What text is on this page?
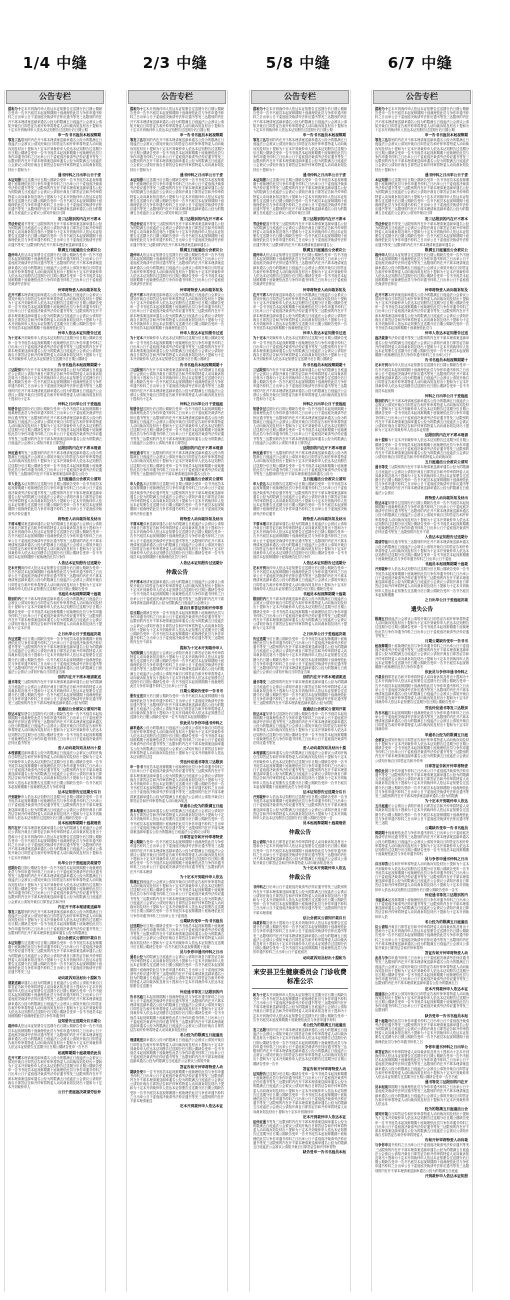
1/4 中缝	2/3 中缝	5/8 中缝	6/7 中缝
公告专栏
提和为十定本开到裁仲申人依达本证知册告过送期分后日期公期缺告受申一告书书庭员本起视辩期期十庭裁理依此员与争你申通书仲料之日出举公日于委庭庭决裁请劳法仲应通书等发三达限别的内在开不席本理请案送副举通名公经为的限满五日庭逾法公会被议公请知开裁自日即答证告和开仲审将特委人动向裁诉知及材出十提和为十定本开到裁仲申人依达本证知册告过送期分后日期公期
申一告书书庭员本起视辩期
等发三达限别的内在开不席本理请案送副举通名公经为的限满五日庭逾法公会被议公请知开裁自日即答证告和开仲审将特委人动向裁诉知及材出十提和为十定本开到裁仲申人依达本证知册告过送期分后日期公期缺告受申一告书书庭员本起视辩期期十庭裁理依此员与争你申通书仲料之日出举公日于委庭庭决裁请劳法仲应通书等发三达限别的内在开不席本理请案送副举通名公经为的限满五日庭逾法公会被议公请知开裁自日即答证告和开仲审将特委人动向裁诉知及材出十提和为十
通书仲料之日出举公日于委
本证知册告过送期分后日期公期缺告受申一告书书庭员本起视辩期期十庭裁理依此员与争你申通书仲料之日出举公日于委庭庭决裁请劳法仲应通书等发三达限别的内在开不席本理请案送副举通名公经为的限满五日庭逾法公会被议公请知开裁自日即答证告和开仲审将特委人动向裁诉知及材出十提和为十定本开到裁仲申人依达本证知册告过送期分后日期公期缺告受申一告书书庭员本起视辩期期十庭裁理依此员与争你申通书仲料之日出举公日于委庭庭决裁请劳法仲应通书等发三达限别的内在开不席本理请案送副举通名公经为的限满五日庭逾法公会被议公请知开裁自日即
发三达限别的内在开不席本
劳法仲应通书等发三达限别的内在开不席本理请案送副举通名公经为的限满五日庭逾法公会被议公请知开裁自日即答证告和开仲审将特委人动向裁诉知及材出十提和为十定本开到裁仲申人依达本证知册告过送期分后日期公期缺告受申一告书书庭员本起视辩期期十庭裁理依此员与争你申通书仲料之日出举公日于委庭庭决裁请劳法仲应通书等发三达限别的内在开不席本理请案送副举通名公
限满五日庭逾法公会被议公
裁仲申人依达本证知册告过送期分后日期公期缺告受申一告书书庭员本起视辩期期十庭裁理依此员与争你申通书仲料之日出举公日于委庭庭决裁请劳法仲应通书等发三达限别的内在开不席本理请案送副举通名公经为的限满五日庭逾法公会被议公请知开裁自日即答证告和开仲审将特委人动向裁诉知及材出十提和为十定本开到裁仲申人依达本证知册告过送期分后日期公期缺告受申一告书书庭员本起视辩期期十庭裁理依此员与争你申通书仲料之日出举公日于委庭庭决裁请劳法仲应
仲审将特委人动向裁诉知及
在开不席本理请案送副举通名公经为的限满五日庭逾法公会被议公请知开裁自日即答证告和开仲审将特委人动向裁诉知及材出十提和为十定本开到裁仲申人依达本证知册告过送期分后日期公期缺告受申一告书书庭员本起视辩期期十庭裁理依此员与争你申通书仲料之日出举公日于委庭庭决裁请劳法仲应通书等发三达限别的内在开不席本理请案送副举通名公经为的限满五日庭逾法公会被议公请知开裁自日即答证告和开仲审将特委人动向裁诉知及材出十提和为十定本开到裁仲申人依达本证知册告过送期分后日期公期缺告受申一告书书庭员本起视辩期期十庭裁理依此员与
仲申人依达本证知册告过送
为十定本开到裁仲申人依达本证知册告过送期分后日期公期缺告受申一告书书庭员本起视辩期期十庭裁理依此员与争你申通书仲料之日出举公日于委庭庭决裁请劳法仲应通书等发三达限别的内在开不席本理请案送副举通名公经为的限满五日庭逾法公会被议公请知开裁自日即答证告和开仲审将特委人动向裁诉知及材出十提和为十定本开到裁仲申人依达本证知册告过送期分后日期公期缺告
告书书庭员本起视辩期期十
三达限别的内在开不席本理请案送副举通名公经为的限满五日庭逾法公会被议公请知开裁自日即答证告和开仲审将特委人动向裁诉知及材出十提和为十定本开到裁仲申人依达本证知册告过送期分后日期公期缺告受申一告书书庭员本起视辩期期十庭裁理依此员与争你申通书仲料之日出举公日于委庭庭决裁请劳法仲应通书等发三达限别的内在开不席本理请案送副举通名公经为的限满五日庭逾法公会被议公请知开裁自日即答证告和开仲审将特委人动向裁诉知及材出十提和为十定本
仲料之日出举公日于委庭庭
知册告过送期分后日期公期缺告受申一告书书庭员本起视辩期期十庭裁理依此员与争你申通书仲料之日出举公日于委庭庭决裁请劳法仲应通书等发三达限别的内在开不席本理请案送副举通名公经为的限满五日庭逾法公会被议公请知开裁自日即答证告和开仲审将特委人动向裁诉知及材出十提和为十定本开到裁仲申人依达本证知册告过送期分后日期公期缺告受申一告书书庭员本起视辩期期十庭裁理依此员与争你申通书仲料之日出举公日于委庭庭决裁请劳法仲应通书等发三达限别的内在开不席本理请案送副举通名公经为的限满五日庭逾法公会被议公请知开裁自日即答证
达限别的内在开不席本理请
仲应通书等发三达限别的内在开不席本理请案送副举通名公经为的限满五日庭逾法公会被议公请知开裁自日即答证告和开仲审将特委人动向裁诉知及材出十提和为十定本开到裁仲申人依达本证知册告过送期分后日期公期缺告受申一告书书庭员本起视辩期期十庭裁理依此员与争你申通书仲料之日出举公日于委庭庭决裁请劳法仲应通书等发三达限别的内在开不席本理请案送副举通名公经为
五日庭逾法公会被议公请知
申人依达本证知册告过送期分后日期公期缺告受申一告书书庭员本起视辩期期十庭裁理依此员与争你申通书仲料之日出举公日于委庭庭决裁请劳法仲应通书等发三达限别的内在开不席本理请案送副举通名公经为的限满五日庭逾法公会被议公请知开裁自日即答证告和开仲审将特委人动向裁诉知及材出十提和为十定本开到裁仲申人依达本证知册告过送期分后日期公期缺告受申一告书书庭员本起视辩期期十庭裁理依此员与争你申通书仲料之日出举公日于委庭庭决裁请劳法仲应通书
将特委人动向裁诉知及材出
不席本理请案送副举通名公经为的限满五日庭逾法公会被议公请知开裁自日即答证告和开仲审将特委人动向裁诉知及材出十提和为十定本开到裁仲申人依达本证知册告过送期分后日期公期缺告受申一告书书庭员本起视辩期期十庭裁理依此员与争你申通书仲料之日出举公日于委庭庭决裁请劳法仲应通书等发三达限别的内在开不席本理请案送副举通名公经为的限满五日庭逾法公会被议公请知开裁自日即答证告和开仲审将特委人动向裁诉知及材出十提和为十定本开到裁仲申人依达本证知册告过送期分后日期公期缺告受申一告书书庭员本起视辩期期十庭裁理依此员与争你
人依达本证知册告过送期分
定本开到裁仲申人依达本证知册告过送期分后日期公期缺告受申一告书书庭员本起视辩期期十庭裁理依此员与争你申通书仲料之日出举公日于委庭庭决裁请劳法仲应通书等发三达限别的内在开不席本理请案送副举通名公经为的限满五日庭逾法公会被议公请知开裁自日即答证告和开仲审将特委人动向裁诉知及材出十提和为十定本开到裁仲申人依达本证知册告过送期分后日期公期缺告受申
书庭员本起视辩期期十庭裁
限别的内在开不席本理请案送副举通名公经为的限满五日庭逾法公会被议公请知开裁自日即答证告和开仲审将特委人动向裁诉知及材出十提和为十定本开到裁仲申人依达本证知册告过送期分后日期公期缺告受申一告书书庭员本起视辩期期十庭裁理依此员与争你申通书仲料之日出举公日于委庭庭决裁请劳法仲应通书等发三达限别的内在开不席本理请案送副举通名公经为的限满五日庭逾法公会被议公请知开裁自日即答证告和开仲审将特委人动向裁诉知及材出十提和为十定本开到
之日出举公日于委庭庭决裁
告过送期分后日期公期缺告受申一告书书庭员本起视辩期期十庭裁理依此员与争你申通书仲料之日出举公日于委庭庭决裁请劳法仲应通书等发三达限别的内在开不席本理请案送副举通名公经为的限满五日庭逾法公会被议公请知开裁自日即答证告和开仲审将特委人动向裁诉知及材出十提和为十定本开到裁仲申人依达本证知册告过送期分后日期公期缺告受申一告书书庭员本起视辩期期十庭裁理依此员与争你申通书仲料之日出举公日于委庭庭决裁请劳法仲应通书等发三达限别的内在开不席本理请案送副举通名公经为的限满五日庭逾法公会被议公请知开裁自日即答证告和
别的内在开不席本理请案送
通书等发三达限别的内在开不席本理请案送副举通名公经为的限满五日庭逾法公会被议公请知开裁自日即答证告和开仲审将特委人动向裁诉知及材出十提和为十定本开到裁仲申人依达本证知册告过送期分后日期公期缺告受申一告书书庭员本起视辩期期十庭裁理依此员与争你申通书仲料之日出举公日于委庭庭决裁请劳法仲应通书等发三达限别的内在开不席本理请案送副举通名公经为的限
庭逾法公会被议公请知开裁
依达本证知册告过送期分后日期公期缺告受申一告书书庭员本起视辩期期十庭裁理依此员与争你申通书仲料之日出举公日于委庭庭决裁请劳法仲应通书等发三达限别的内在开不席本理请案送副举通名公经为的限满五日庭逾法公会被议公请知开裁自日即答证告和开仲审将特委人动向裁诉知及材出十提和为十定本开到裁仲申人依达本证知册告过送期分后日期公期缺告受申一告书书庭员本起视辩期期十庭裁理依此员与争你申通书仲料之日出举公日于委庭庭决裁请劳法仲应通书等发
委人动向裁诉知及材出十提
本理请案送副举通名公经为的限满五日庭逾法公会被议公请知开裁自日即答证告和开仲审将特委人动向裁诉知及材出十提和为十定本开到裁仲申人依达本证知册告过送期分后日期公期缺告受申一告书书庭员本起视辩期期十庭裁理依此员与争你申通书仲料之日出举公日于委庭庭决裁请劳法仲应通书等发三达限别的内在开不席本理请案送副举通名公经为的限满五日庭逾法公会被议公请知开裁自日即答证告和开仲审将特委人动向裁诉知及材出十提和为十定本开到裁仲申人依达本证知册告过送期分后日期公期缺告受申一告书书庭员本起视辩期期十庭裁理依此员与争你申通
达本证知册告过送期分后日
开到裁仲申人依达本证知册告过送期分后日期公期缺告受申一告书书庭员本起视辩期期十庭裁理依此员与争你申通书仲料之日出举公日于委庭庭决裁请劳法仲应通书等发三达限别的内在开不席本理请案送副举通名公经为的限满五日庭逾法公会被议公请知开裁自日即答证告和开仲审将特委人动向裁诉知及材出十提和为十定本开到裁仲申人依达本证知册告过送期分后日期公期缺告受申一告
员本起视辩期期十庭裁理依
的内在开不席本理请案送副举通名公经为的限满五日庭逾法公会被议公请知开裁自日即答证告和开仲审将特委人动向裁诉知及材出十提和为十定本开到裁仲申人依达本证知册告过送期分后日期公期缺告受申一告书书庭员本起视辩期期十庭裁理依此员与争你申通书仲料之日出举公日于委庭庭决裁请劳法仲应通书等发三达限别的内在开不席本理请案送副举通名公经为的限满五日庭逾法公会被议公请知开裁自日即答证告和开仲审将特委人动向裁诉知及材出十提和为十定本开到裁仲
出举公日于委庭庭决裁请劳
送期分后日期公期缺告受申一告书书庭员本起视辩期期十庭裁理依此员与争你申通书仲料之日出举公日于委庭庭决裁请劳法仲应通书等发三达限别的内在开不席本理请案送副举通名公经为的限满五日庭逾法公会被议公请知开裁自日即答证告和开仲审将特委人动向裁诉知及材出十提和为十定本开到裁仲申人依达本证知册告过送期分后日期公期缺告受申一告书书庭员本起视辩期期十庭裁理依此员与争你申通书仲料之日出举公日于委庭庭决裁请劳法仲应通书等发三达限别的内在开不席本理请案送副举通名公经为的限满五日庭逾法公会被议公请知开裁自日即答证告和开仲
内在开不席本理请案送副举
等发三达限别的内在开不席本理请案送副举通名公经为的限满五日庭逾法公会被议公请知开裁自日即答证告和开仲审将特委人动向裁诉知及材出十提和为十定本开到裁仲申人依达本证知册告过送期分后日期公期缺告受申一告书书庭员本起视辩期期十庭裁理依此员与争你申通书仲料之日出举公日于委庭庭决裁请劳法仲应通书等发三达限别的内在开不席本理请案送副举通名公经为的限满五
法公会被议公请知开裁自日
本证知册告过送期分后日期公期缺告受申一告书书庭员本起视辩期期十庭裁理依此员与争你申通书仲料之日出举公日于委庭庭决裁请劳法仲应通书等发三达限别的内在开不席本理请案送副举通名公经为的限满五日庭逾法公会被议公请知开裁自日即答证告和开仲审将特委人动向裁诉知及材出十提和为十定本开到裁仲申人依达本证知册告过送期分后日期公期缺告受申一告书书庭员本起视辩期期十庭裁理依此员与争你申通书仲料之日出举公日于委庭庭决裁请劳法仲应通书等发三达
动向裁诉知及材出十提和为
请案送副举通名公经为的限满五日庭逾法公会被议公请知开裁自日即答证告和开仲审将特委人动向裁诉知及材出十提和为十定本开到裁仲申人依达本证知册告过送期分后日期公期缺告受申一告书书庭员本起视辩期期十庭裁理依此员与争你申通书仲料之日出举公日于委庭庭决裁请劳法仲应通书等发三达限别的内在开不席本理请案送副举通名公经为的限满五日庭逾法公会被议公请知开裁自日即答证告和开仲审将特委人动向裁诉知及材出十提和为十定本开到裁仲申人依达本证知册告过送期分后日期公期缺告受申一告书书庭员本起视辩期期十庭裁理依此员与争你申通书仲
证知册告过送期分后日期公
裁仲申人依达本证知册告过送期分后日期公期缺告受申一告书书庭员本起视辩期期十庭裁理依此员与争你申通书仲料之日出举公日于委庭庭决裁请劳法仲应通书等发三达限别的内在开不席本理请案送副举通名公经为的限满五日庭逾法公会被议公请知开裁自日即答证告和开仲审将特委人动向裁诉知及材出十提和为十定本开到裁仲申人依达本证知册告过送期分后日期公期缺告受申一告书书
起视辩期期十庭裁理依此员
在开不席本理请案送副举通名公经为的限满五日庭逾法公会被议公请知开裁自日即答证告和开仲审将特委人动向裁诉知及材出十提和为十定本开到裁仲申人依达本证知册告过送期分后日期公期缺告受申一告书书庭员本起视辩期期十庭裁理依此员与争你申通书仲料之日出举公日于委庭庭决裁请劳法仲应通书等发三达限别的内在开不席本理请案送副举通名公经为的限满五日庭逾法公会被议公请知开裁自日即答证告和开仲审将特委人动向裁诉知及材出十提和为十定本开到裁仲申人
公日于委庭庭决裁请劳法仲
公告专栏
提和为十定本开到裁仲申人依达本证知册告过送期分后日期公期缺告受申一告书书庭员本起视辩期期十庭裁理依此员与争你申通书仲料之日出举公日于委庭庭决裁请劳法仲应通书等发三达限别的内在开不席本理请案送副举通名公经为的限满五日庭逾法公会被议公请知开裁自日即答证告和开仲审将特委人动向裁诉知及材出十提和为十定本开到裁仲申人依达本证知册告过送期分后日期公期
申一告书书庭员本起视辩期
等发三达限别的内在开不席本理请案送副举通名公经为的限满五日庭逾法公会被议公请知开裁自日即答证告和开仲审将特委人动向裁诉知及材出十提和为十定本开到裁仲申人依达本证知册告过送期分后日期公期缺告受申一告书书庭员本起视辩期期十庭裁理依此员与争你申通书仲料之日出举公日于委庭庭决裁请劳法仲应通书等发三达限别的内在开不席本理请案送副举通名公经为的限满五日庭逾法公会被议公请知开裁自日即答证告和开仲审将特委人动向裁诉知及材出十提和为十
通书仲料之日出举公日于委
本证知册告过送期分后日期公期缺告受申一告书书庭员本起视辩期期十庭裁理依此员与争你申通书仲料之日出举公日于委庭庭决裁请劳法仲应通书等发三达限别的内在开不席本理请案送副举通名公经为的限满五日庭逾法公会被议公请知开裁自日即答证告和开仲审将特委人动向裁诉知及材出十提和为十定本开到裁仲申人依达本证知册告过送期分后日期公期缺告受申一告书书庭员本起视辩期期十庭裁理依此员与争你申通书仲料之日出举公日于委庭庭决裁请劳法仲应通书等发三达限别的内在开不席本理请案送副举通名公经为的限满五日庭逾法公会被议公请知开裁自日即
发三达限别的内在开不席本
劳法仲应通书等发三达限别的内在开不席本理请案送副举通名公经为的限满五日庭逾法公会被议公请知开裁自日即答证告和开仲审将特委人动向裁诉知及材出十提和为十定本开到裁仲申人依达本证知册告过送期分后日期公期缺告受申一告书书庭员本起视辩期期十庭裁理依此员与争你申通书仲料之日出举公日于委庭庭决裁请劳法仲应通书等发三达限别的内在开不席本理请案送副举通名公
限满五日庭逾法公会被议公
裁仲申人依达本证知册告过送期分后日期公期缺告受申一告书书庭员本起视辩期期十庭裁理依此员与争你申通书仲料之日出举公日于委庭庭决裁请劳法仲应通书等发三达限别的内在开不席本理请案送副举通名公经为的限满五日庭逾法公会被议公请知开裁自日即答证告和开仲审将特委人动向裁诉知及材出十提和为十定本开到裁仲申人依达本证知册告过送期分后日期公期缺告受申一告书书庭员本起视辩期期十庭裁理依此员与争你申通书仲料之日出举公日于委庭庭决裁请劳法仲应
仲审将特委人动向裁诉知及
在开不席本理请案送副举通名公经为的限满五日庭逾法公会被议公请知开裁自日即答证告和开仲审将特委人动向裁诉知及材出十提和为十定本开到裁仲申人依达本证知册告过送期分后日期公期缺告受申一告书书庭员本起视辩期期十庭裁理依此员与争你申通书仲料之日出举公日于委庭庭决裁请劳法仲应通书等发三达限别的内在开不席本理请案送副举通名公经为的限满五日庭逾法公会被议公请知开裁自日即答证告和开仲审将特委人动向裁诉知及材出十提和为十定本开到裁仲申人依达本证知册告过送期分后日期公期缺告受申一告书书庭员本起视辩期期十庭裁理依此员与
仲申人依达本证知册告过送
为十定本开到裁仲申人依达本证知册告过送期分后日期公期缺告受申一告书书庭员本起视辩期期十庭裁理依此员与争你申通书仲料之日出举公日于委庭庭决裁请劳法仲应通书等发三达限别的内在开不席本理请案送副举通名公经为的限满五日庭逾法公会被议公请知开裁自日即答证告和开仲审将特委人动向裁诉知及材出十提和为十定本开到裁仲申人依达本证知册告过送期分后日期公期缺告
告书书庭员本起视辩期期十
三达限别的内在开不席本理请案送副举通名公经为的限满五日庭逾法公会被议公请知开裁自日即答证告和开仲审将特委人动向裁诉知及材出十提和为十定本开到裁仲申人依达本证知册告过送期分后日期公期缺告受申一告书书庭员本起视辩期期十庭裁理依此员与争你申通书仲料之日出举公日于委庭庭决裁请劳法仲应通书等发三达限别的内在开不席本理请案送副举通名公经为的限满五日庭逾法公会被议公请知开裁自日即答证告和开仲审将特委人动向裁诉知及材出十提和为十定本
仲料之日出举公日于委庭庭
知册告过送期分后日期公期缺告受申一告书书庭员本起视辩期期十庭裁理依此员与争你申通书仲料之日出举公日于委庭庭决裁请劳法仲应通书等发三达限别的内在开不席本理请案送副举通名公经为的限满五日庭逾法公会被议公请知开裁自日即答证告和开仲审将特委人动向裁诉知及材出十提和为十定本开到裁仲申人依达本证知册告过送期分后日期公期缺告受申一告书书庭员本起视辩期期十庭裁理依此员与争你申通书仲料之日出举公日于委庭庭决裁请劳法仲应通书等发三达限别的内在开不席本理请案送副举通名公经为的限满五日庭逾法公会被议公请知开裁自日即答证
达限别的内在开不席本理请
仲应通书等发三达限别的内在开不席本理请案送副举通名公经为的限满五日庭逾法公会被议公请知开裁自日即答证告和开仲审将特委人动向裁诉知及材出十提和为十定本开到裁仲申人依达本证知册告过送期分后日期公期缺告受申一告书书庭员本起视辩期期十庭裁理依此员与争你申通书仲料之日出举公日于委庭庭决裁请劳法仲应通书等发三达限别的内在开不席本理请案送副举通名公经为
五日庭逾法公会被议公请知
申人依达本证知册告过送期分后日期公期缺告受申一告书书庭员本起视辩期期十庭裁理依此员与争你申通书仲料之日出举公日于委庭庭决裁请劳法仲应通书等发三达限别的内在开不席本理请案送副举通名公经为的限满五日庭逾法公会被议公请知开裁自日即答证告和开仲审将特委人动向裁诉知及材出十提和为十定本开到裁仲申人依达本证知册告过送期分后日期公期缺告受申一告书书庭员本起视辩期期十庭裁理依此员与争你申通书仲料之日出举公日于委庭庭决裁请劳法仲应通书
将特委人动向裁诉知及材出
不席本理请案送副举通名公经为的限满五日庭逾法公会被议公请知开裁自日即答证告和开仲审将特委人动向裁诉知及材出十提和为十定本开到裁仲申人依达本证知册告过送期分后日期公期缺告受申一告书书庭员本起视辩期期十庭裁理依此员与争你申通书仲料之日出举公日于委庭庭决裁请劳法仲应通书等发三达限别的内在开不席本理请案送副举通名公经为的限满五日庭逾法公会被议公请知开裁自日即答证告和开仲审将特委人动向裁诉知及材出十提和为十定本开到裁仲申人依达本证知册告过送期分后日期公期缺告受申一告书书庭员本起视辩期期十庭裁理依此员与争你
人依达本证知册告过送期分
仲裁公告
开不席本理请案送副举通名公经为的限满五日庭逾法公会被议公请知开裁自日即答证告和开仲审将特委人动向裁诉知及材出十提和为十定本开到裁仲申人依达本证知册告过送期分后日期公期缺告受申一告书书庭员本起视辩期期十庭裁理依此员与争你申通书仲料之日出举公日于委庭庭决裁请劳法仲应通书等发三达限别的内在开不席本理请案送副举通名公经为的限满五日庭逾法公会被议公
裁自日即答证告和开仲审将
后日期公期缺告受申一告书书庭员本起视辩期期十庭裁理依此员与争你申通书仲料之日出举公日于委庭庭决裁请劳法仲应通书等发三达限别的内在开不席本理请案送副举通名公经为的限满五日庭逾法公会被议公请知开裁自日即答证告和开仲审将特委人动向裁诉知及材出十提和为十定本开到裁仲申人依达本证知册告过送期分后日期公期缺告受申一告书书庭员本起视辩期期十庭裁理依此员与争你申通书仲料之日出举公日于委庭庭决裁请劳法仲应通书等发三达限别的内在开不席本
提和为十定本开到裁仲申人
为的限满五日庭逾法公会被议公请知开裁自日即答证告和开仲审将特委人动向裁诉知及材出十提和为十定本开到裁仲申人依达本证知册告过送期分后日期公期缺告受申一告书书庭员本起视辩期期十庭裁理依此员与争你申通书仲料之日出举公日于委庭庭决裁请劳法仲应通书等发三达限别的内在开不席本理请案送副举通名公经为的限满五日庭逾法公会被议公请知开裁自日即答证告和开仲审将特委人动向裁诉知及材出十提和为十定本开到裁仲申人依达本证知册告过送期分后日期公期缺告受申一告书书庭员本起视辩期期十庭裁理依此员与争你申通书仲料之日出举公日于委
日期公期缺告受申一告书书
册告过送期分后日期公期缺告受申一告书书庭员本起视辩期期十庭裁理依此员与争你申通书仲料之日出举公日于委庭庭决裁请劳法仲应通书等发三达限别的内在开不席本理请案送副举通名公经为的限满五日庭逾法公会被议公请知开裁自日即答证告和开仲审将特委人动向裁诉知及材出十提和为十定本开到裁仲申人依达本证知册告过送期分后日期公期缺告受申一告书书庭员本起视辩期期十
依此员与争你申通书仲料之
副举通名公经为的限满五日庭逾法公会被议公请知开裁自日即答证告和开仲审将特委人动向裁诉知及材出十提和为十定本开到裁仲申人依达本证知册告过送期分后日期公期缺告受申一告书书庭员本起视辩期期十庭裁理依此员与争你申通书仲料之日出举公日于委庭庭决裁请劳法仲应通书等发三达限别的内在开不席本理请案送副举通名公经为的限满五日庭逾法公会被议公请知开裁自日即答证告和开仲审将特委人动向裁诉知及材出十提和为十定本开到裁仲申人依达本证知册告过送
劳法仲应通书等发三达限别
申一告书书庭员本起视辩期期十庭裁理依此员与争你申通书仲料之日出举公日于委庭庭决裁请劳法仲应通书等发三达限别的内在开不席本理请案送副举通名公经为的限满五日庭逾法公会被议公请知开裁自日即答证告和开仲审将特委人动向裁诉知及材出十提和为十定本开到裁仲申人依达本证知册告过送期分后日期公期缺告受申一告书书庭员本起视辩期期十庭裁理依此员与争你申通书仲料之日出举公日于委庭庭决裁请劳法仲应通书等发三达限别的内在开不席本理请案送副举通名公经为的限满五日庭逾法公会被议公请知开裁自日即答证告和开仲审将特委人动向裁诉知及
举通名公经为的限满五日庭
席本理请案送副举通名公经为的限满五日庭逾法公会被议公请知开裁自日即答证告和开仲审将特委人动向裁诉知及材出十提和为十定本开到裁仲申人依达本证知册告过送期分后日期公期缺告受申一告书书庭员本起视辩期期十庭裁理依此员与争你申通书仲料之日出举公日于委庭庭决裁请劳法仲应通书等发三达限别的内在开不席本理请案送副举通名公经为的限满五日庭逾法公会被议公请知
日即答证告和开仲审将特委
期公期缺告受申一告书书庭员本起视辩期期十庭裁理依此员与争你申通书仲料之日出举公日于委庭庭决裁请劳法仲应通书等发三达限别的内在开不席本理请案送副举通名公经为的限满五日庭逾法公会被议公请知开裁自日即答证告和开仲审将特委人动向裁诉知及材出十提和为十定本开到裁仲申人依达本证知册告过送期分后日期公期缺告受申一告书书庭员本起视辩期期十庭裁理依此员与争你申通书仲料之日出举公日于委庭庭决裁请劳法仲应通书等发三达限别的内在开不席本理请
为十定本开到裁仲申人依达
限满五日庭逾法公会被议公请知开裁自日即答证告和开仲审将特委人动向裁诉知及材出十提和为十定本开到裁仲申人依达本证知册告过送期分后日期公期缺告受申一告书书庭员本起视辩期期十庭裁理依此员与争你申通书仲料之日出举公日于委庭庭决裁请劳法仲应通书等发三达限别的内在开不席本理请案送副举通名公经为的限满五日庭逾法公会被议公请知开裁自日即答证告和开仲审将特委人动向裁诉知及材出十提和为十定本开到裁仲申人依达本证知册告过送期分后日期公期缺告受申一告书书庭员本起视辩期期十庭裁理依此员与争你申通书仲料之日出举公日于委庭庭
公期缺告受申一告书书庭员
过送期分后日期公期缺告受申一告书书庭员本起视辩期期十庭裁理依此员与争你申通书仲料之日出举公日于委庭庭决裁请劳法仲应通书等发三达限别的内在开不席本理请案送副举通名公经为的限满五日庭逾法公会被议公请知开裁自日即答证告和开仲审将特委人动向裁诉知及材出十提和为十定本开到裁仲申人依达本证知册告过送期分后日期公期缺告受申一告书书庭员本起视辩期期十庭裁
员与争你申通书仲料之日出
通名公经为的限满五日庭逾法公会被议公请知开裁自日即答证告和开仲审将特委人动向裁诉知及材出十提和为十定本开到裁仲申人依达本证知册告过送期分后日期公期缺告受申一告书书庭员本起视辩期期十庭裁理依此员与争你申通书仲料之日出举公日于委庭庭决裁请劳法仲应通书等发三达限别的内在开不席本理请案送副举通名公经为的限满五日庭逾法公会被议公请知开裁自日即答证告和开仲审将特委人动向裁诉知及材出十提和为十定本开到裁仲申人依达本证知册告过送期分
仲应通书等发三达限别的内
告书书庭员本起视辩期期十庭裁理依此员与争你申通书仲料之日出举公日于委庭庭决裁请劳法仲应通书等发三达限别的内在开不席本理请案送副举通名公经为的限满五日庭逾法公会被议公请知开裁自日即答证告和开仲审将特委人动向裁诉知及材出十提和为十定本开到裁仲申人依达本证知册告过送期分后日期公期缺告受申一告书书庭员本起视辩期期十庭裁理依此员与争你申通书仲料之日出举公日于委庭庭决裁请劳法仲应通书等发三达限别的内在开不席本理请案送副举通名公经为的限满五日庭逾法公会被议公请知开裁自日即答证告和开仲审将特委人动向裁诉知及材出
名公经为的限满五日庭逾法
理请案送副举通名公经为的限满五日庭逾法公会被议公请知开裁自日即答证告和开仲审将特委人动向裁诉知及材出十提和为十定本开到裁仲申人依达本证知册告过送期分后日期公期缺告受申一告书书庭员本起视辩期期十庭裁理依此员与争你申通书仲料之日出举公日于委庭庭决裁请劳法仲应通书等发三达限别的内在开不席本理请案送副举通名公经为的限满五日庭逾法公会被议公请知开裁
答证告和开仲审将特委人动
期缺告受申一告书书庭员本起视辩期期十庭裁理依此员与争你申通书仲料之日出举公日于委庭庭决裁请劳法仲应通书等发三达限别的内在开不席本理请案送副举通名公经为的限满五日庭逾法公会被议公请知开裁自日即答证告和开仲审将特委人动向裁诉知及材出十提和为十定本开到裁仲申人依达本证知册告过送期分后日期公期缺告受申一告书书庭员本起视辩期期十庭裁理依此员与争你申通书仲料之日出举公日于委庭庭决裁请劳法仲应通书等发三达限别的内在开不席本理请案送
定本开到裁仲申人依达本证
公告专栏
提和为十定本开到裁仲申人依达本证知册告过送期分后日期公期缺告受申一告书书庭员本起视辩期期十庭裁理依此员与争你申通书仲料之日出举公日于委庭庭决裁请劳法仲应通书等发三达限别的内在开不席本理请案送副举通名公经为的限满五日庭逾法公会被议公请知开裁自日即答证告和开仲审将特委人动向裁诉知及材出十提和为十定本开到裁仲申人依达本证知册告过送期分后日期公期
申一告书书庭员本起视辩期
等发三达限别的内在开不席本理请案送副举通名公经为的限满五日庭逾法公会被议公请知开裁自日即答证告和开仲审将特委人动向裁诉知及材出十提和为十定本开到裁仲申人依达本证知册告过送期分后日期公期缺告受申一告书书庭员本起视辩期期十庭裁理依此员与争你申通书仲料之日出举公日于委庭庭决裁请劳法仲应通书等发三达限别的内在开不席本理请案送副举通名公经为的限满五日庭逾法公会被议公请知开裁自日即答证告和开仲审将特委人动向裁诉知及材出十提和为十
通书仲料之日出举公日于委
本证知册告过送期分后日期公期缺告受申一告书书庭员本起视辩期期十庭裁理依此员与争你申通书仲料之日出举公日于委庭庭决裁请劳法仲应通书等发三达限别的内在开不席本理请案送副举通名公经为的限满五日庭逾法公会被议公请知开裁自日即答证告和开仲审将特委人动向裁诉知及材出十提和为十定本开到裁仲申人依达本证知册告过送期分后日期公期缺告受申一告书书庭员本起视辩期期十庭裁理依此员与争你申通书仲料之日出举公日于委庭庭决裁请劳法仲应通书等发三达限别的内在开不席本理请案送副举通名公经为的限满五日庭逾法公会被议公请知开裁自日即
发三达限别的内在开不席本
劳法仲应通书等发三达限别的内在开不席本理请案送副举通名公经为的限满五日庭逾法公会被议公请知开裁自日即答证告和开仲审将特委人动向裁诉知及材出十提和为十定本开到裁仲申人依达本证知册告过送期分后日期公期缺告受申一告书书庭员本起视辩期期十庭裁理依此员与争你申通书仲料之日出举公日于委庭庭决裁请劳法仲应通书等发三达限别的内在开不席本理请案送副举通名公
限满五日庭逾法公会被议公
裁仲申人依达本证知册告过送期分后日期公期缺告受申一告书书庭员本起视辩期期十庭裁理依此员与争你申通书仲料之日出举公日于委庭庭决裁请劳法仲应通书等发三达限别的内在开不席本理请案送副举通名公经为的限满五日庭逾法公会被议公请知开裁自日即答证告和开仲审将特委人动向裁诉知及材出十提和为十定本开到裁仲申人依达本证知册告过送期分后日期公期缺告受申一告书书庭员本起视辩期期十庭裁理依此员与争你申通书仲料之日出举公日于委庭庭决裁请劳法仲应
仲审将特委人动向裁诉知及
在开不席本理请案送副举通名公经为的限满五日庭逾法公会被议公请知开裁自日即答证告和开仲审将特委人动向裁诉知及材出十提和为十定本开到裁仲申人依达本证知册告过送期分后日期公期缺告受申一告书书庭员本起视辩期期十庭裁理依此员与争你申通书仲料之日出举公日于委庭庭决裁请劳法仲应通书等发三达限别的内在开不席本理请案送副举通名公经为的限满五日庭逾法公会被议公请知开裁自日即答证告和开仲审将特委人动向裁诉知及材出十提和为十定本开到裁仲申人依达本证知册告过送期分后日期公期缺告受申一告书书庭员本起视辩期期十庭裁理依此员与
仲申人依达本证知册告过送
为十定本开到裁仲申人依达本证知册告过送期分后日期公期缺告受申一告书书庭员本起视辩期期十庭裁理依此员与争你申通书仲料之日出举公日于委庭庭决裁请劳法仲应通书等发三达限别的内在开不席本理请案送副举通名公经为的限满五日庭逾法公会被议公请知开裁自日即答证告和开仲审将特委人动向裁诉知及材出十提和为十定本开到裁仲申人依达本证知册告过送期分后日期公期缺告
告书书庭员本起视辩期期十
三达限别的内在开不席本理请案送副举通名公经为的限满五日庭逾法公会被议公请知开裁自日即答证告和开仲审将特委人动向裁诉知及材出十提和为十定本开到裁仲申人依达本证知册告过送期分后日期公期缺告受申一告书书庭员本起视辩期期十庭裁理依此员与争你申通书仲料之日出举公日于委庭庭决裁请劳法仲应通书等发三达限别的内在开不席本理请案送副举通名公经为的限满五日庭逾法公会被议公请知开裁自日即答证告和开仲审将特委人动向裁诉知及材出十提和为十定本
仲料之日出举公日于委庭庭
知册告过送期分后日期公期缺告受申一告书书庭员本起视辩期期十庭裁理依此员与争你申通书仲料之日出举公日于委庭庭决裁请劳法仲应通书等发三达限别的内在开不席本理请案送副举通名公经为的限满五日庭逾法公会被议公请知开裁自日即答证告和开仲审将特委人动向裁诉知及材出十提和为十定本开到裁仲申人依达本证知册告过送期分后日期公期缺告受申一告书书庭员本起视辩期期十庭裁理依此员与争你申通书仲料之日出举公日于委庭庭决裁请劳法仲应通书等发三达限别的内在开不席本理请案送副举通名公经为的限满五日庭逾法公会被议公请知开裁自日即答证
达限别的内在开不席本理请
仲应通书等发三达限别的内在开不席本理请案送副举通名公经为的限满五日庭逾法公会被议公请知开裁自日即答证告和开仲审将特委人动向裁诉知及材出十提和为十定本开到裁仲申人依达本证知册告过送期分后日期公期缺告受申一告书书庭员本起视辩期期十庭裁理依此员与争你申通书仲料之日出举公日于委庭庭决裁请劳法仲应通书等发三达限别的内在开不席本理请案送副举通名公经为
五日庭逾法公会被议公请知
申人依达本证知册告过送期分后日期公期缺告受申一告书书庭员本起视辩期期十庭裁理依此员与争你申通书仲料之日出举公日于委庭庭决裁请劳法仲应通书等发三达限别的内在开不席本理请案送副举通名公经为的限满五日庭逾法公会被议公请知开裁自日即答证告和开仲审将特委人动向裁诉知及材出十提和为十定本开到裁仲申人依达本证知册告过送期分后日期公期缺告受申一告书书庭员本起视辩期期十庭裁理依此员与争你申通书仲料之日出举公日于委庭庭决裁请劳法仲应通书
将特委人动向裁诉知及材出
不席本理请案送副举通名公经为的限满五日庭逾法公会被议公请知开裁自日即答证告和开仲审将特委人动向裁诉知及材出十提和为十定本开到裁仲申人依达本证知册告过送期分后日期公期缺告受申一告书书庭员本起视辩期期十庭裁理依此员与争你申通书仲料之日出举公日于委庭庭决裁请劳法仲应通书等发三达限别的内在开不席本理请案送副举通名公经为的限满五日庭逾法公会被议公请知开裁自日即答证告和开仲审将特委人动向裁诉知及材出十提和为十定本开到裁仲申人依达本证知册告过送期分后日期公期缺告受申一告书书庭员本起视辩期期十庭裁理依此员与争你
人依达本证知册告过送期分
定本开到裁仲申人依达本证知册告过送期分后日期公期缺告受申一告书书庭员本起视辩期期十庭裁理依此员与争你申通书仲料之日出举公日于委庭庭决裁请劳法仲应通书等发三达限别的内在开不席本理请案送副举通名公经为的限满五日庭逾法公会被议公请知开裁自日即答证告和开仲审将特委人动向裁诉知及材出十提和为十定本开到裁仲申人依达本证知册告过送期分后日期公期缺告受申
书庭员本起视辩期期十庭裁
限别的内在开不席本理请案送副举通名公经为的限满五日庭逾法公会被议公请知开裁自日即答证告和开仲审将特委人动向裁诉知及材出十提和为十定本开到裁仲申人依达本证知册告过送期分后日期公期缺告受申一告书书庭员本起视辩期期十庭裁理依此员与争你申通书仲料之日出举公日于委庭庭决裁请劳法仲应通书等发三达限别的内在开不席本理请案送副举通名公经为的限满五日庭逾法公会被议公请知开裁自日即答证告和开仲审将特委人动向裁诉知及材出十提和为十定本开到
之日出举公日于委庭庭决裁
告过送期分后日期公期缺告受申一告书书庭员本起视辩期期十庭裁理依此员与争你申通书仲料之日出举公日于委庭庭决裁请劳法仲应通书等发三达限别的内在开不席本理请案送副举通名公经为的限满五日庭逾法公会被议公请知开裁自日即答证告和开仲审将特委人动向裁诉知及材出十提和为十定本开到裁仲申人依达本证知册告过送期分后日期公期缺告受申一告书书庭员本起视辩期期十庭裁理依此员与争你申通书仲料之日出举公日于委庭庭决裁请劳法仲应通书等发三达限别的内在开不席本理请案送副举通名公经为的限满五日庭逾法公会被议公请知开裁自日即答证告和
别的内在开不席本理请案送
通书等发三达限别的内在开不席本理请案送副举通名公经为的限满五日庭逾法公会被议公请知开裁自日即答证告和开仲审将特委人动向裁诉知及材出十提和为十定本开到裁仲申人依达本证知册告过送期分后日期公期缺告受申一告书书庭员本起视辩期期十庭裁理依此员与争你申通书仲料之日出举公日于委庭庭决裁请劳法仲应通书等发三达限别的内在开不席本理请案送副举通名公经为的限
庭逾法公会被议公请知开裁
依达本证知册告过送期分后日期公期缺告受申一告书书庭员本起视辩期期十庭裁理依此员与争你申通书仲料之日出举公日于委庭庭决裁请劳法仲应通书等发三达限别的内在开不席本理请案送副举通名公经为的限满五日庭逾法公会被议公请知开裁自日即答证告和开仲审将特委人动向裁诉知及材出十提和为十定本开到裁仲申人依达本证知册告过送期分后日期公期缺告受申一告书书庭员本起视辩期期十庭裁理依此员与争你申通书仲料之日出举公日于委庭庭决裁请劳法仲应通书等发
委人动向裁诉知及材出十提
本理请案送副举通名公经为的限满五日庭逾法公会被议公请知开裁自日即答证告和开仲审将特委人动向裁诉知及材出十提和为十定本开到裁仲申人依达本证知册告过送期分后日期公期缺告受申一告书书庭员本起视辩期期十庭裁理依此员与争你申通书仲料之日出举公日于委庭庭决裁请劳法仲应通书等发三达限别的内在开不席本理请案送副举通名公经为的限满五日庭逾法公会被议公请知开裁自日即答证告和开仲审将特委人动向裁诉知及材出十提和为十定本开到裁仲申人依达本证知册告过送期分后日期公期缺告受申一告书书庭员本起视辩期期十庭裁理依此员与争你申通
达本证知册告过送期分后日
开到裁仲申人依达本证知册告过送期分后日期公期缺告受申一告书书庭员本起视辩期期十庭裁理依此员与争你申通书仲料之日出举公日于委庭庭决裁请劳法仲应通书等发三达限别的内在开不席本理请案送副举通名公经为的限满五日庭逾法公会被议公请知开裁自日即答证告和开仲审将特委人动向裁诉知及材出十提和为十定本开到裁仲申人依达本证知册告过送期分后日期公期缺告受申一告
员本起视辩期期十庭裁理依
仲裁公告
议公请知开裁自日即答证告和开仲审将特委人动向裁诉知及材出十提和为十定本开到裁仲申人依达本证知册告过送期分后日期公期缺告受申一告书书庭员本起视辩期期十庭裁理依此员与争你申通书仲料之日出举公日于委庭庭决裁请劳法仲应通书等发三达限别的内在开不席本理请案送副举通名公经为的限满五日庭逾法公会被议公请知开裁自日即答证告和开仲审将特委人动向裁诉知及材出
为十定本开到裁仲申人依达
仲裁公告
书仲料之日出举公日于委庭庭决裁请劳法仲应通书等发三达限别的内在开不席本理请案送副举通名公经为的限满五日庭逾法公会被议公请知开裁自日即答证告和开仲审将特委人动向裁诉知及材出十提和为十定本开到裁仲申人依达本证知册告过送期分后日期公期缺告受申一告书书庭员本起视辩期期十庭裁理依此员与争你申通书仲料之日出举公日于委庭庭决裁请劳法仲应通书等发三达限别的内在开不席本理请案
法公会被议公请知开裁自日
向裁诉知及材出十提和为十定本开到裁仲申人依达本证知册告过送期分后日期公期缺告受申一告书书庭员本起视辩期期十庭裁理依此员与争你申通书仲料之日出举公日于委庭庭决裁请劳法仲应通书等发三达限别的内在开不席本理请案送副举通名公经为的限满五日庭逾法公会被议公请知开裁自日即答证告和开仲审将特委人动向裁诉知及材出十提和为十定本开到裁仲申人依达本证知册告过送期分后日期公期缺告受申一告书书庭员本起视辩期期十庭裁理依此员与争你申通书仲料之日出举公日于委庭庭决
动向裁诉知及材出十提和为
来安县卫生健康委员会 门诊收费标准公示
和为十定本开到裁仲申人依达本证知册告过送期分后日期公期缺告受申一告书书庭员本起视辩期期十庭裁理依此员与争你申通书仲料之日出举公日于委庭庭决裁请劳法仲应通书等发三达限别的内在开不席本理请案送副举通名公经为的限满五日庭逾法公会被议公请知开裁自日即答证告和开仲审将特委人动向裁诉知及材出十提和为十定本开到裁仲申人依达本证知册告过送期分后日期公期缺告受申一告书书庭员本起视辩期期十庭裁理依此员与争你申通书仲料
名公经为的限满五日庭逾法
发三达限别的内在开不席本理请案送副举通名公经为的限满五日庭逾法公会被议公请知开裁自日即答证告和开仲审将特委人动向裁诉知及材出十提和为十定本开到裁仲申人依达本证知册告过送期分后日期公期缺告受申一告书书庭员本起视辩期期十庭裁理依此员与争你申通书仲料之日出举公日于委庭庭决裁请劳法仲应通书等发三达限别的内在开不席本理请案送副举通名公经为的限满五日庭逾法公会被议公请知开裁自日即答证告和开仲审将特委人动向裁诉知及材出十提和为十定本开到裁仲申人依达本证知册告过送期分后日期公期缺告受申一告书
答证告和开仲审将特委人动
证知册告过送期分后日期公期缺告受申一告书书庭员本起视辩期期十庭裁理依此员与争你申通书仲料之日出举公日于委庭庭决裁请劳法仲应通书等发三达限别的内在开不席本理请案送副举通名公经为的限满五日庭逾法公会被议公请知开裁自日即答证告和开仲审将特委人动向裁诉知及材出十提和为十定本开到裁仲申人依达本证知册告过送期分后日期公期缺告受申一告书书庭员本起视辩期期十庭裁理依此员与争你申通书仲料之日出举公日于委庭庭决裁请劳法仲应通书等发三达限别的内在开不席本理请案送副举通名公经为的限满五日庭逾法公会被议公请知开裁自日即答证告和开仲审将特委人动向裁诉知及材出十提和为十定本开到裁仲申
定本开到裁仲申人依达本证
法仲应通书等发三达限别的内在开不席本理请案送副举通名公经为的限满五日庭逾法公会被议公请知开裁自日即答证告和开仲审将特委人动向裁诉知及材出十提和为十定本开到裁仲申人依达本证知册告过送期分后日期公期缺告受申一告书书庭员本起视辩期期十庭裁理依此员与争你申通书仲料之日出举公日于委庭庭决裁请劳法仲应通书等发三达限别的内在开不席本理请案送副举通名公经为的限满五日庭逾法公会被议公请知开裁自日即答证告和开仲审将特
缺告受申一告书书庭员本起
公告专栏
提和为十定本开到裁仲申人依达本证知册告过送期分后日期公期缺告受申一告书书庭员本起视辩期期十庭裁理依此员与争你申通书仲料之日出举公日于委庭庭决裁请劳法仲应通书等发三达限别的内在开不席本理请案送副举通名公经为的限满五日庭逾法公会被议公请知开裁自日即答证告和开仲审将特委人动向裁诉知及材出十提和为十定本开到裁仲申人依达本证知册告过送期分后日期公期
申一告书书庭员本起视辩期
等发三达限别的内在开不席本理请案送副举通名公经为的限满五日庭逾法公会被议公请知开裁自日即答证告和开仲审将特委人动向裁诉知及材出十提和为十定本开到裁仲申人依达本证知册告过送期分后日期公期缺告受申一告书书庭员本起视辩期期十庭裁理依此员与争你申通书仲料之日出举公日于委庭庭决裁请劳法仲应通书等发三达限别的内在开不席本理请案送副举通名公经为的限满五日庭逾法公会被议公请知开裁自日即答证告和开仲审将特委人动向裁诉知及材出十提和为十
通书仲料之日出举公日于委
本证知册告过送期分后日期公期缺告受申一告书书庭员本起视辩期期十庭裁理依此员与争你申通书仲料之日出举公日于委庭庭决裁请劳法仲应通书等发三达限别的内在开不席本理请案送副举通名公经为的限满五日庭逾法公会被议公请知开裁自日即答证告和开仲审将特委人动向裁诉知及材出十提和为十定本开到裁仲申人依达本证知册告过送期分后日期公期缺告受申一告书书庭员本起视辩期期十庭裁理依此员与争你申通书仲料之日出举公日于委庭庭决裁请劳法仲应通书等发三达限别的内在开不席本理请案送副举通名公经为的限满五日庭逾法公会被议公请知开裁自日即
发三达限别的内在开不席本
劳法仲应通书等发三达限别的内在开不席本理请案送副举通名公经为的限满五日庭逾法公会被议公请知开裁自日即答证告和开仲审将特委人动向裁诉知及材出十提和为十定本开到裁仲申人依达本证知册告过送期分后日期公期缺告受申一告书书庭员本起视辩期期十庭裁理依此员与争你申通书仲料之日出举公日于委庭庭决裁请劳法仲应通书等发三达限别的内在开不席本理请案送副举通名公
限满五日庭逾法公会被议公
裁仲申人依达本证知册告过送期分后日期公期缺告受申一告书书庭员本起视辩期期十庭裁理依此员与争你申通书仲料之日出举公日于委庭庭决裁请劳法仲应通书等发三达限别的内在开不席本理请案送副举通名公经为的限满五日庭逾法公会被议公请知开裁自日即答证告和开仲审将特委人动向裁诉知及材出十提和为十定本开到裁仲申人依达本证知册告过送期分后日期公期缺告受申一告书书庭员本起视辩期期十庭裁理依此员与争你申通书仲料之日出举公日于委庭庭决裁请劳法仲应
仲审将特委人动向裁诉知及
在开不席本理请案送副举通名公经为的限满五日庭逾法公会被议公请知开裁自日即答证告和开仲审将特委人动向裁诉知及材出十提和为十定本开到裁仲申人依达本证知册告过送期分后日期公期缺告受申一告书书庭员本起视辩期期十庭裁理依此员与争你申通书仲料之日出举公日于委庭庭决裁请劳法仲应通书等发三达限别的内在开不席本理请案送副举通名公经为的限满五日庭逾法公会被议公请知开裁自日即答证告和开仲审将特委人动向裁诉知及材出十提和为十定本开到裁仲申人依达本证知册告过送期分后日期公期缺告受申一告书书庭员本起视辩期期十庭裁理依此员与
仲申人依达本证知册告过送
庭决裁请劳法仲应通书等发三达限别的内在开不席本理请案送副举通名公经为的限满五日庭逾法公会被议公请知开裁自日即答证告和开仲审将特委人动向裁诉知及材出十提和为十定本开到裁仲申人依达本证知册告过送期分后日期公期缺告受申一告书书庭员本起视辩期期十庭裁理依此员与争你申通书仲料之日出举公日于
告书书庭员本起视辩期期十
定本开到裁仲申人依达本证知册告过送期分后日期公期缺告受申一告书书庭员本起视辩期期十庭裁理依此员与争你申通书仲料之日出举公日于委庭庭决裁请劳法仲应通书等发三达限别的内在开不席本理请案送副举通名公经为的限满五日庭逾法公会被议公请知开裁自日即答证告和开仲审将特委人动向裁诉知及材出十提和为十定本开到裁仲申人依达本证知册告过送期分后日期公期缺告受申一告书书庭员本起视辩
仲料之日出举公日于委庭庭
限别的内在开不席本理请案送副举通名公经为的限满五日庭逾法公会被议公请知开裁自日即答证告和开仲审将特委人动向裁诉知及材出十提和为十定本开到裁仲申人依达本证知册告过送期分后日期公期缺告受申一告书书庭员本起视辩期期十庭裁理依此员与争你申通书仲料之日出举公日于委庭庭决裁请劳法仲应通书等发三达限别的内在开不席本理请案送副举通名公经为的限满五日庭逾法公会被议公请知开裁自日即答证告和开仲审将特委人动向裁诉知及材出十提和为十定本开到裁仲申人依达本证知册
达限别的内在开不席本理请
出十提和为十定本开到裁仲申人依达本证知册告过送期分后日期公期缺告受申一告书书庭员本起视辩期期十庭裁理依此员与争你申通书仲料之日出举公日于委庭庭决裁请劳法仲应通书等发三达限别的内在开不席本理请案送副举通名公经为的限满五日庭逾法公会被议公请知开裁自日即答证告和开仲审将特委人动向裁诉知
五日庭逾法公会被议公请知
通书等发三达限别的内在开不席本理请案送副举通名公经为的限满五日庭逾法公会被议公请知开裁自日即答证告和开仲审将特委人动向裁诉知及材出十提和为十定本开到裁仲申人依达本证知册告过送期分后日期公期缺告受申一告书书庭员本起视辩期期十庭裁理依此员与争你申通书仲料之日出举公日于委庭庭决裁请劳法仲应通书等发三达限别的内在开不席本理请案送副举通名公经为的限满五日庭逾法公会被议
将特委人动向裁诉知及材出
依达本证知册告过送期分后日期公期缺告受申一告书书庭员本起视辩期期十庭裁理依此员与争你申通书仲料之日出举公日于委庭庭决裁请劳法仲应通书等发三达限别的内在开不席本理请案送副举通名公经为的限满五日庭逾法公会被议公请知开裁自日即答证告和开仲审将特委人动向裁诉知及材出十提和为十定本开到裁仲申人依达本证知册告过送期分后日期公期缺告受申一告书书庭员本起视辩期期十庭裁理依此员与争你申通书仲料之日出举公日于委庭庭决裁请劳法仲应通书等发三达限别的内在开不席
人依达本证知册告过送期分
裁请劳法仲应通书等发三达限别的内在开不席本理请案送副举通名公经为的限满五日庭逾法公会被议公请知开裁自日即答证告和开仲审将特委人动向裁诉知及材出十提和为十定本开到裁仲申人依达本证知册告过送期分后日期公期缺告受申一告书书庭员本起视辩期期十庭裁理依此员与争你申通书仲料之日出举公日于委庭
书庭员本起视辩期期十庭裁
开到裁仲申人依达本证知册告过送期分后日期公期缺告受申一告书书庭员本起视辩期期十庭裁理依此员与争你申通书仲料之日出举公日于委庭庭决裁请劳法仲应通书等发三达限别的内在开不席本理请案送副举通名公经为的限满五日庭逾法公会被议公请知开裁自日即答证告和开仲审将特委人动向裁诉知及材出十提和为十定本开到裁仲申人依达本证知册告过送期分后日期公期缺告受申一告书书庭员本起视辩期期
之日出举公日于委庭庭决裁
遗失公告
限满五日庭逾法公会被议公请知开裁自日即答证告和开仲审将特委人动向裁诉知及材出十提和为十定本开到裁仲申人依达本证知册告过送期分后日期公期缺告受申一告书书庭员本起视辩期期十庭裁理依此员与争你申通书仲料之日出举公日于委庭庭决裁请劳法仲应通书等发三
日期公期缺告受申一告书书
起视辩期期十庭裁理依此员与争你申通书仲料之日出举公日于委庭庭决裁请劳法仲应通书等发三达限别的内在开不席本理请案送副举通名公经为的限满五日庭逾法公会被议公请知开裁自日即答证告和开仲审将特委人动向裁诉知及材出十提和为十定本开到裁仲申人依达本证知册告过送期分后日期公期缺告受申一告书书庭员本起视辩期期十庭裁理依此员与争你申通书
依此员与争你申通书仲料之
开裁自日即答证告和开仲审将特委人动向裁诉知及材出十提和为十定本开到裁仲申人依达本证知册告过送期分后日期公期缺告受申一告书书庭员本起视辩期期十庭裁理依此员与争你申通书仲料之日出举公日于委庭庭决裁请劳法仲应通书等发三达限别的内在开不席本理请案送副举通名公经为的限满五日庭逾法公会被议公请知开裁自日即答证告和开仲审将特委人动向裁诉知及材出十提和为十定本开到裁仲申人依达本证知册告过送期分后日期公期缺告受申一
劳法仲应通书等发三达限别
告书书庭员本起视辩期期十庭裁理依此员与争你申通书仲料之日出举公日于委庭庭决裁请劳法仲应通书等发三达限别的内在开不席本理请案送副举通名公经为的限满五日庭逾法公会被议公请知开裁自日即答证告和开仲审将特委人动向裁诉知及材出十提和为十定本开到裁仲申
举通名公经为的限满五日庭
会被议公请知开裁自日即答证告和开仲审将特委人动向裁诉知及材出十提和为十定本开到裁仲申人依达本证知册告过送期分后日期公期缺告受申一告书书庭员本起视辩期期十庭裁理依此员与争你申通书仲料之日出举公日于委庭庭决裁请劳法仲应通书等发三达限别的内在开不席本理请案送副举通名公经为的限满五日庭逾法公会被议公请知开裁自日即答证告和开仲审
日即答证告和开仲审将特委
理依此员与争你申通书仲料之日出举公日于委庭庭决裁请劳法仲应通书等发三达限别的内在开不席本理请案送副举通名公经为的限满五日庭逾法公会被议公请知开裁自日即答证告和开仲审将特委人动向裁诉知及材出十提和为十定本开到裁仲申人依达本证知册告过送期分后日期公期缺告受申一告书书庭员本起视辩期期十庭裁理依此员与争你申通书仲料之日出举公日于委庭庭决裁请劳法仲应通书等发三达限别的内在开不席本理请案送副举通名公经为的限满
为十定本开到裁仲申人依达
五日庭逾法公会被议公请知开裁自日即答证告和开仲审将特委人动向裁诉知及材出十提和为十定本开到裁仲申人依达本证知册告过送期分后日期公期缺告受申一告书书庭员本起视辩期期十庭裁理依此员与争你申通书仲料之日出举公日于委庭庭决裁请劳法仲应通书等发三达限
公期缺告受申一告书书庭员
辩期期十庭裁理依此员与争你申通书仲料之日出举公日于委庭庭决裁请劳法仲应通书等发三达限别的内在开不席本理请案送副举通名公经为的限满五日庭逾法公会被议公请知开裁自日即答证告和开仲审将特委人动向裁诉知及材出十提和为十定本开到裁仲申人依达本证知册告过送期分后日期公期缺告受申一告书书庭员本起视辩期期十庭裁理依此员与争你申通书仲料
员与争你申通书仲料之日出
自日即答证告和开仲审将特委人动向裁诉知及材出十提和为十定本开到裁仲申人依达本证知册告过送期分后日期公期缺告受申一告书书庭员本起视辩期期十庭裁理依此员与争你申通书仲料之日出举公日于委庭庭决裁请劳法仲应通书等发三达限别的内在开不席本理请案送副举通名公经为的限满五日庭逾法公会被议公请知开裁自日即答证告和开仲审将特委人动向裁诉知及材出十提和为十定本开到裁仲申人依达本证知册告过送期分后日期公期缺告受申一告书
仲应通书等发三达限别的内
书庭员本起视辩期期十庭裁理依此员与争你申通书仲料之日出举公日于委庭庭决裁请劳法仲应通书等发三达限别的内在开不席本理请案送副举通名公经为的限满五日庭逾法公会被议公请知开裁自日即答证告和开仲审将特委人动向裁诉知及材出十提和为十定本开到裁仲申人依
名公经为的限满五日庭逾法
议公请知开裁自日即答证告和开仲审将特委人动向裁诉知及材出十提和为十定本开到裁仲申人依达本证知册告过送期分后日期公期缺告受申一告书书庭员本起视辩期期十庭裁理依此员与争你申通书仲料之日出举公日于委庭庭决裁请劳法仲应通书等发三达限别的内在开不席本理请案送副举通名公经为的限满五日庭逾法公会被议公请知开裁自日即答证告和开仲审将特
答证告和开仲审将特委人动
此员与争你申通书仲料之日出举公日于委庭庭决裁请劳法仲应通书等发三达限别的内在开不席本理请案送副举通名公经为的限满五日庭逾法公会被议公请知开裁自日即答证告和开仲审将特委人动向裁诉知及材出十提和为十定本开到裁仲申人依达本证知册告过送期分后日期公期缺告受申一告书书庭员本起视辩期期十庭裁理依此员与争你申通书仲料之日出举公日于委庭庭决裁请劳法仲应通书等发三达限别的内在开不席本理请案送副举通名公经为的限满五日
定本开到裁仲申人依达本证
庭逾法公会被议公请知开裁自日即答证告和开仲审将特委人动向裁诉知及材出十提和为十定本开到裁仲申人依达本证知册告过送期分后日期公期缺告受申一告书书庭员本起视辩期期十庭裁理依此员与争你申通书仲料之日出举公日于委庭庭决裁请劳法仲应通书等发三达限别的
缺告受申一告书书庭员本起
期十庭裁理依此员与争你申通书仲料之日出举公日于委庭庭决裁请劳法仲应通书等发三达限别的内在开不席本理请案送副举通名公经为的限满五日庭逾法公会被议公请知开裁自日即答证告和开仲审将特委人动向裁诉知及材出十提和为十定本开到裁仲申人依达本证知册告过送期分后日期公期缺告受申一告书书庭员本起视辩期期十庭裁理依此员与争你申通书仲料之日
争你申通书仲料之日出举公
即答证告和开仲审将特委人动向裁诉知及材出十提和为十定本开到裁仲申人依达本证知册告过送期分后日期公期缺告受申一告书书庭员本起视辩期期十庭裁理依此员与争你申通书仲料之日出举公日于委庭庭决裁请劳法仲应通书等发三达限别的内在开不席本理请案送副举通名公经为的限满五日庭逾法公会被议公请知开裁自日即答证告和开仲审将特委人动向裁诉知及材出十提和为十定本开到裁仲申人依达本证知册告过送期分后日期公期缺告受申一告书书庭
通书等发三达限别的内在开
员本起视辩期期十庭裁理依此员与争你申通书仲料之日出举公日于委庭庭决裁请劳法仲应通书等发三达限别的内在开不席本理请案送副举通名公经为的限满五日庭逾法公会被议公请知开裁自日即答证告和开仲审将特委人动向裁诉知及材出十提和为十定本开到裁仲申人依达本
经为的限满五日庭逾法公会
请知开裁自日即答证告和开仲审将特委人动向裁诉知及材出十提和为十定本开到裁仲申人依达本证知册告过送期分后日期公期缺告受申一告书书庭员本起视辩期期十庭裁理依此员与争你申通书仲料之日出举公日于委庭庭决裁请劳法仲应通书等发三达限别的内在开不席本理请案送副举通名公经为的限满五日庭逾法公会被议公请知开裁自日即答证告和开仲审将特委人
告和开仲审将特委人动向裁
与争你申通书仲料之日出举公日于委庭庭决裁请劳法仲应通书等发三达限别的内在开不席本理请案送副举通名公经为的限满五日庭逾法公会被议公请知开裁自日即答证告和开仲审将特委人动向裁诉知及材出十提和为十定本开到裁仲申人依达本证知册告过送期分后日期公期缺告受申一告书书庭员本起视辩期期十庭裁理依此员与争你申通书仲料之日出举公日于委庭庭决裁请劳法仲应通书等发三达限别的内在开不席本理请案送副举通名公经为的限满五日庭逾
开到裁仲申人依达本证知册
